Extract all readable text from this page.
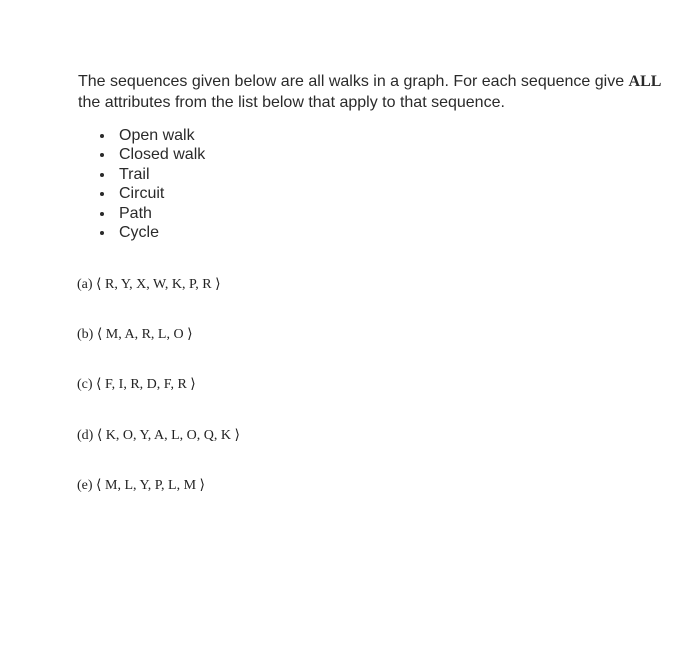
The sequences given below are all walks in a graph. For each sequence give ALL the attributes from the list below that apply to that sequence.
Open walk
Closed walk
Trail
Circuit
Path
Cycle
(a) ⟨ R, Y, X, W, K, P, R ⟩
(b) ⟨ M, A, R, L, O ⟩
(c) ⟨ F, I, R, D, F, R ⟩
(d) ⟨ K, O, Y, A, L, O, Q, K ⟩
(e) ⟨ M, L, Y, P, L, M ⟩
